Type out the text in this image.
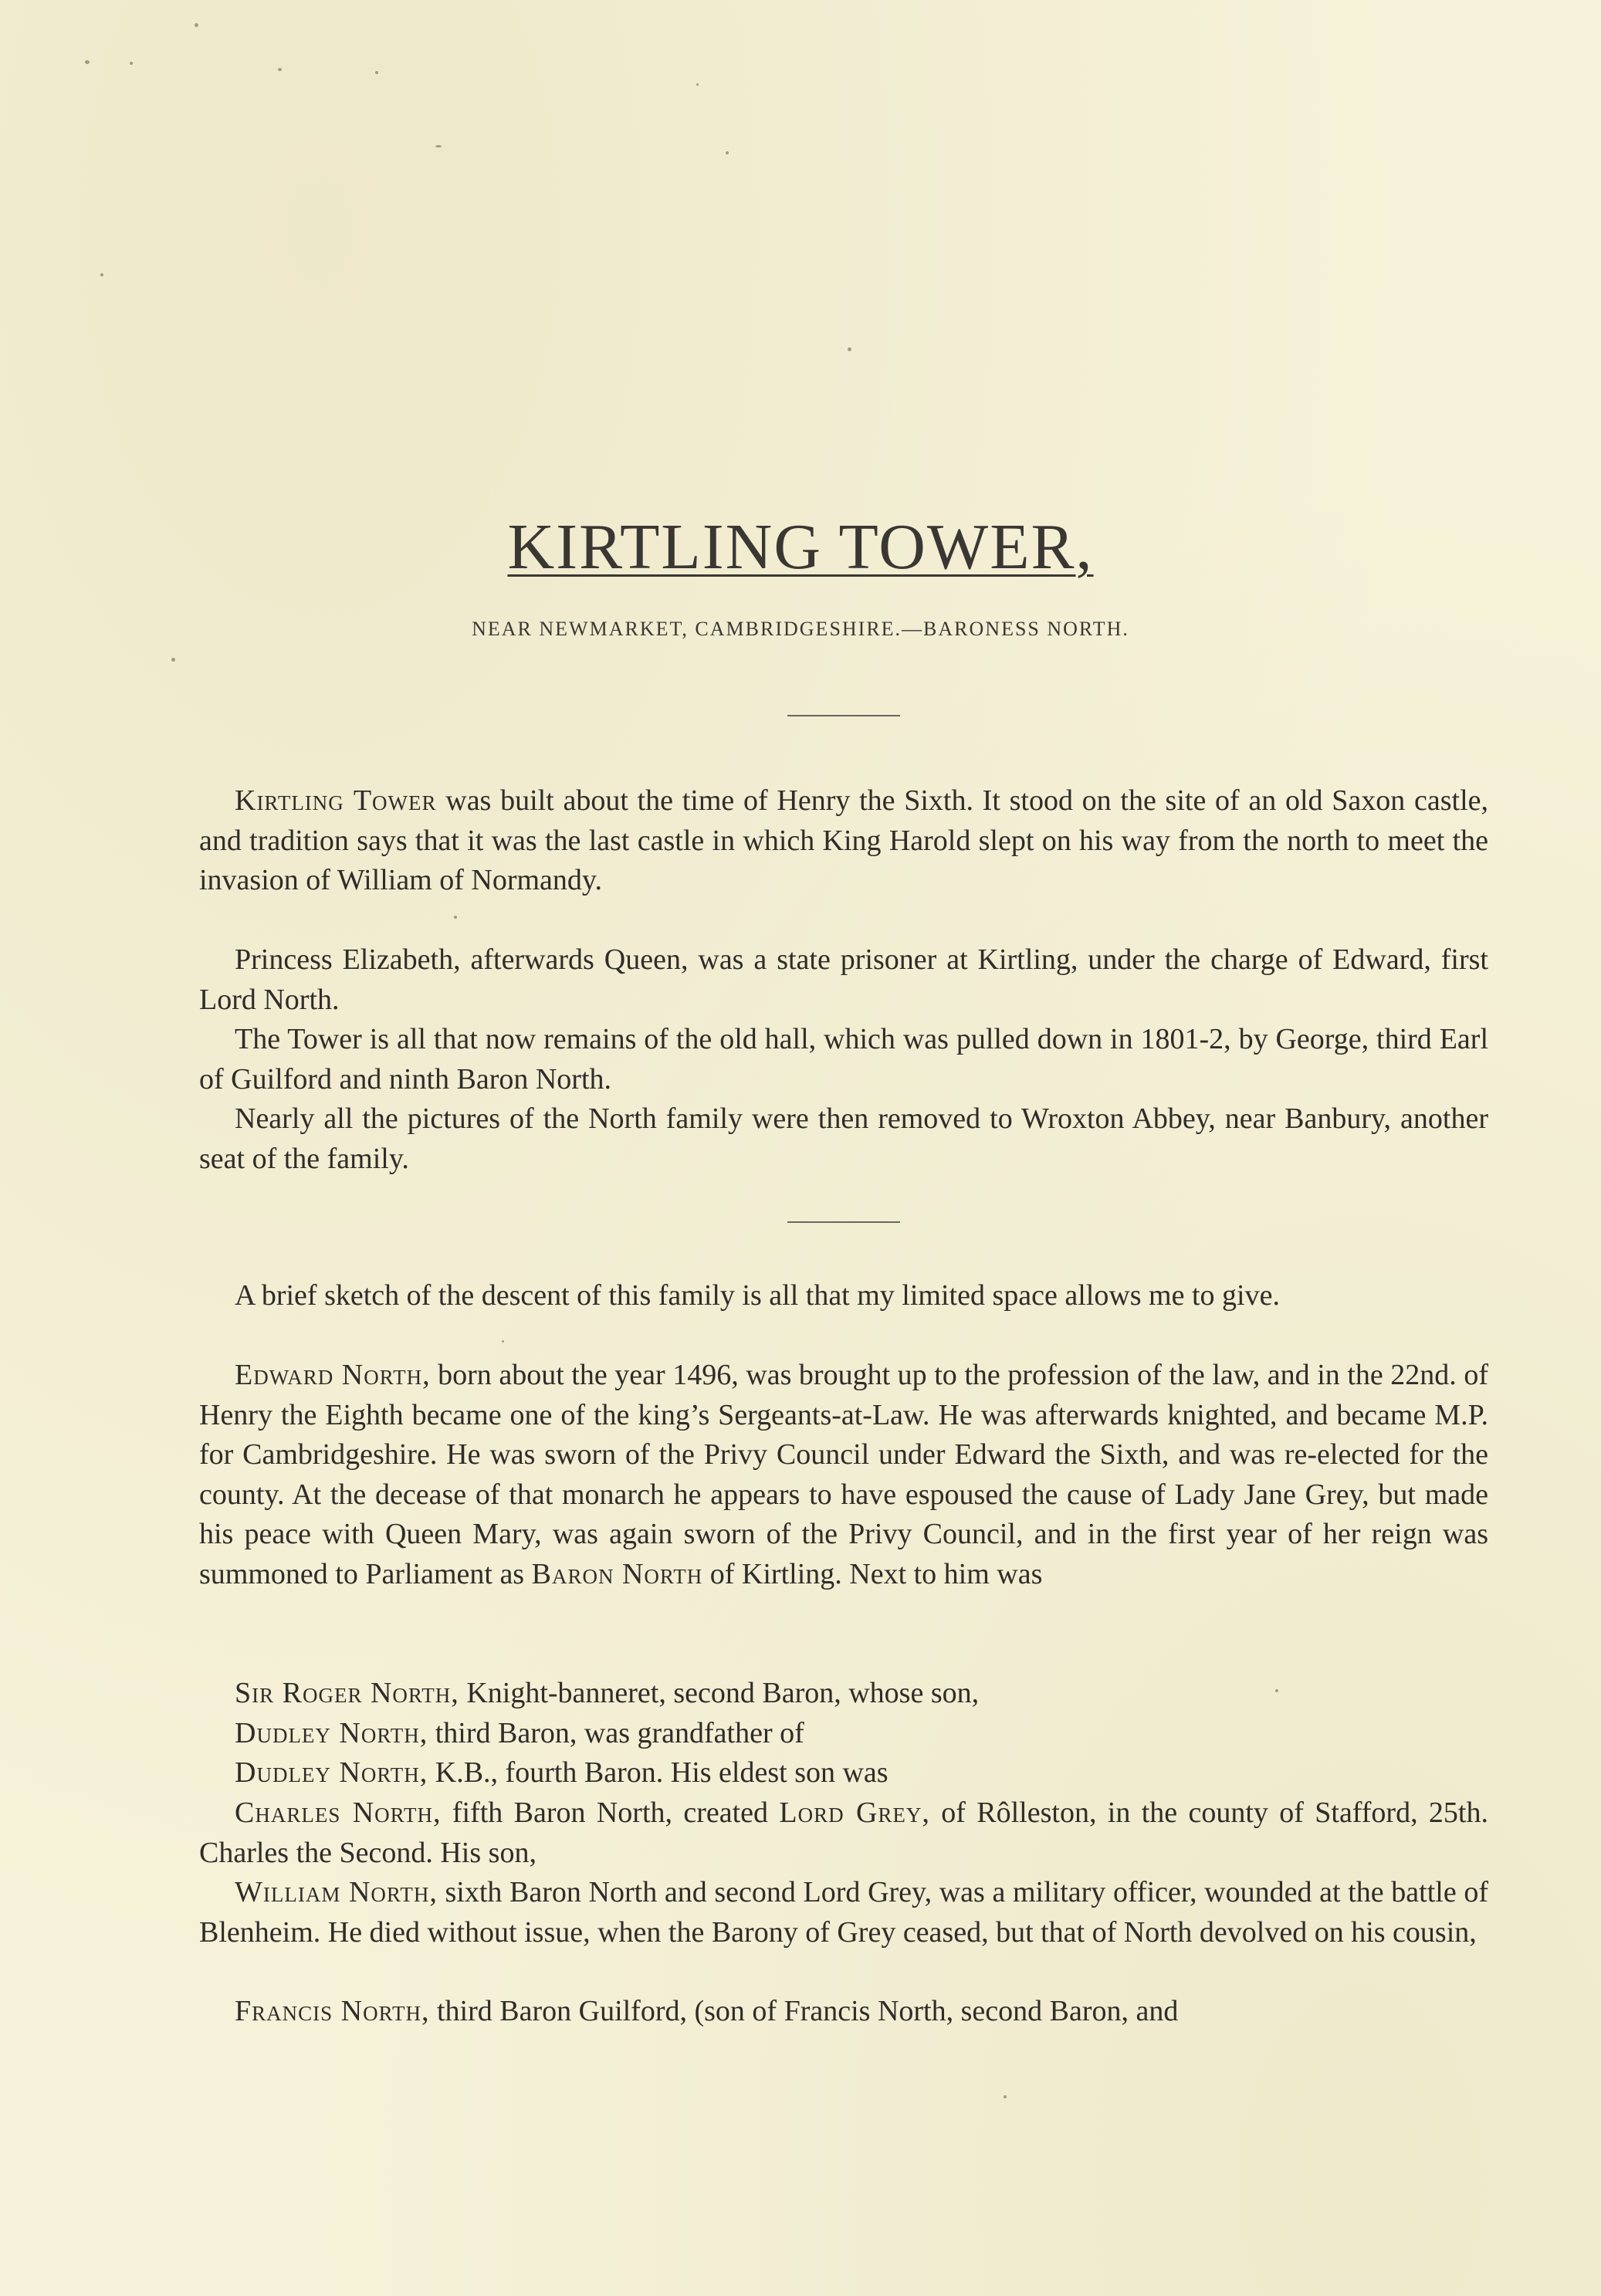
KIRTLING TOWER,
NEAR NEWMARKET, CAMBRIDGESHIRE.—BARONESS NORTH.

Kirtling Tower was built about the time of Henry the Sixth. It stood on the site of an old Saxon castle, and tradition says that it was the last castle in which King Harold slept on his way from the north to meet the invasion of William of Normandy.

Princess Elizabeth, afterwards Queen, was a state prisoner at Kirtling, under the charge of Edward, first Lord North.

The Tower is all that now remains of the old hall, which was pulled down in 1801-2, by George, third Earl of Guilford and ninth Baron North.

Nearly all the pictures of the North family were then removed to Wroxton Abbey, near Banbury, another seat of the family.

A brief sketch of the descent of this family is all that my limited space allows me to give.

Edward North, born about the year 1496, was brought up to the profession of the law, and in the 22nd. of Henry the Eighth became one of the king’s Sergeants-at-Law. He was afterwards knighted, and became M.P. for Cambridgeshire. He was sworn of the Privy Council under Edward the Sixth, and was re-elected for the county. At the decease of that monarch he appears to have espoused the cause of Lady Jane Grey, but made his peace with Queen Mary, was again sworn of the Privy Council, and in the first year of her reign was summoned to Parliament as Baron North of Kirtling. Next to him was

Sir Roger North, Knight-banneret, second Baron, whose son,

Dudley North, third Baron, was grandfather of

Dudley North, K.B., fourth Baron. His eldest son was

Charles North, fifth Baron North, created Lord Grey, of Rôlleston, in the county of Stafford, 25th. Charles the Second. His son,

William North, sixth Baron North and second Lord Grey, was a military officer, wounded at the battle of Blenheim. He died without issue, when the Barony of Grey ceased, but that of North devolved on his cousin,

Francis North, third Baron Guilford, (son of Francis North, second Baron, and
